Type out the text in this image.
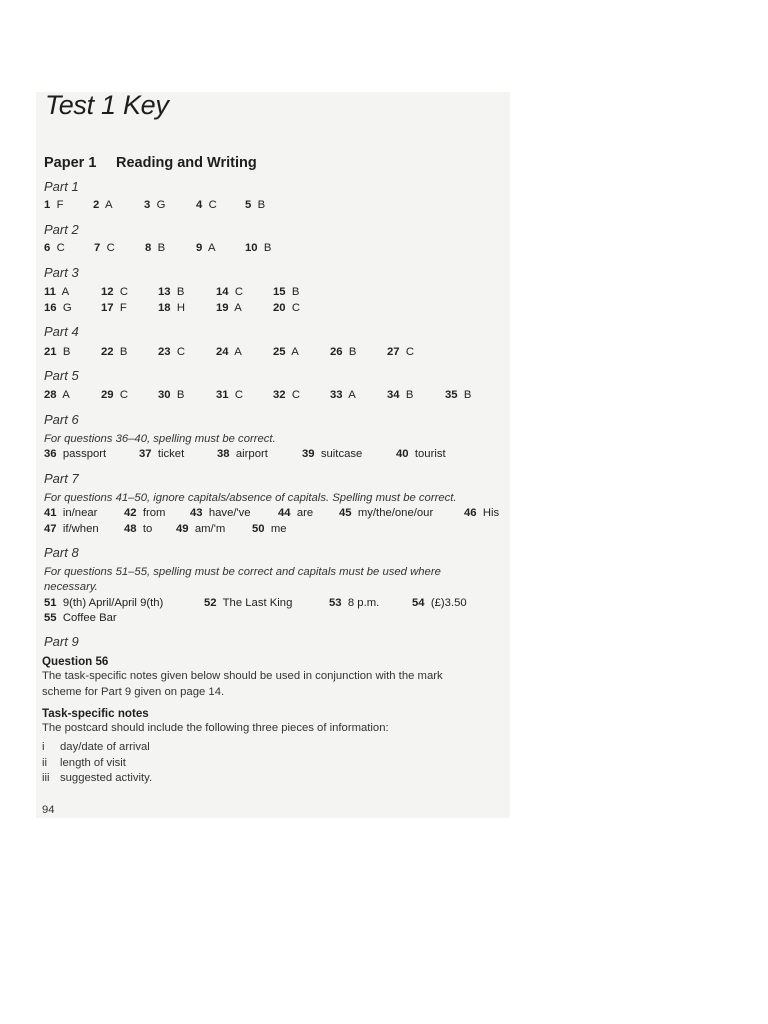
Test 1 Key
Paper 1 Reading and Writing
Part 1
1 F	2 A	3 G	4 C	5 B
Part 2
6 C	7 C	8 B	9 A	10 B
Part 3
11 A	12 C	13 B	14 C	15 B
16 G	17 F	18 H	19 A	20 C
Part 4
21 B	22 B	23 C	24 A	25 A	26 B	27 C
Part 5
28 A	29 C	30 B	31 C	32 C	33 A	34 B	35 B
Part 6
For questions 36–40, spelling must be correct.
36 passport	37 ticket	38 airport	39 suitcase	40 tourist
Part 7
For questions 41–50, ignore capitals/absence of capitals. Spelling must be correct.
41 in/near 42 from 43 have/'ve 44 are 45 my/the/one/our	46 His
47 if/when 48 to 49 am/'m 50 me
Part 8
For questions 51–55, spelling must be correct and capitals must be used where
necessary.
51 9(th) April/April 9(th)	52 The Last King	53 8 p.m.	54 (£)3.50
55 Coffee Bar
Part 9
Question 56
The task-specific notes given below should be used in conjunction with the mark
scheme for Part 9 given on page 14.
Task-specific notes
The postcard should include the following three pieces of information:
i day/date of arrival
ii length of visit
iii suggested activity.
94
